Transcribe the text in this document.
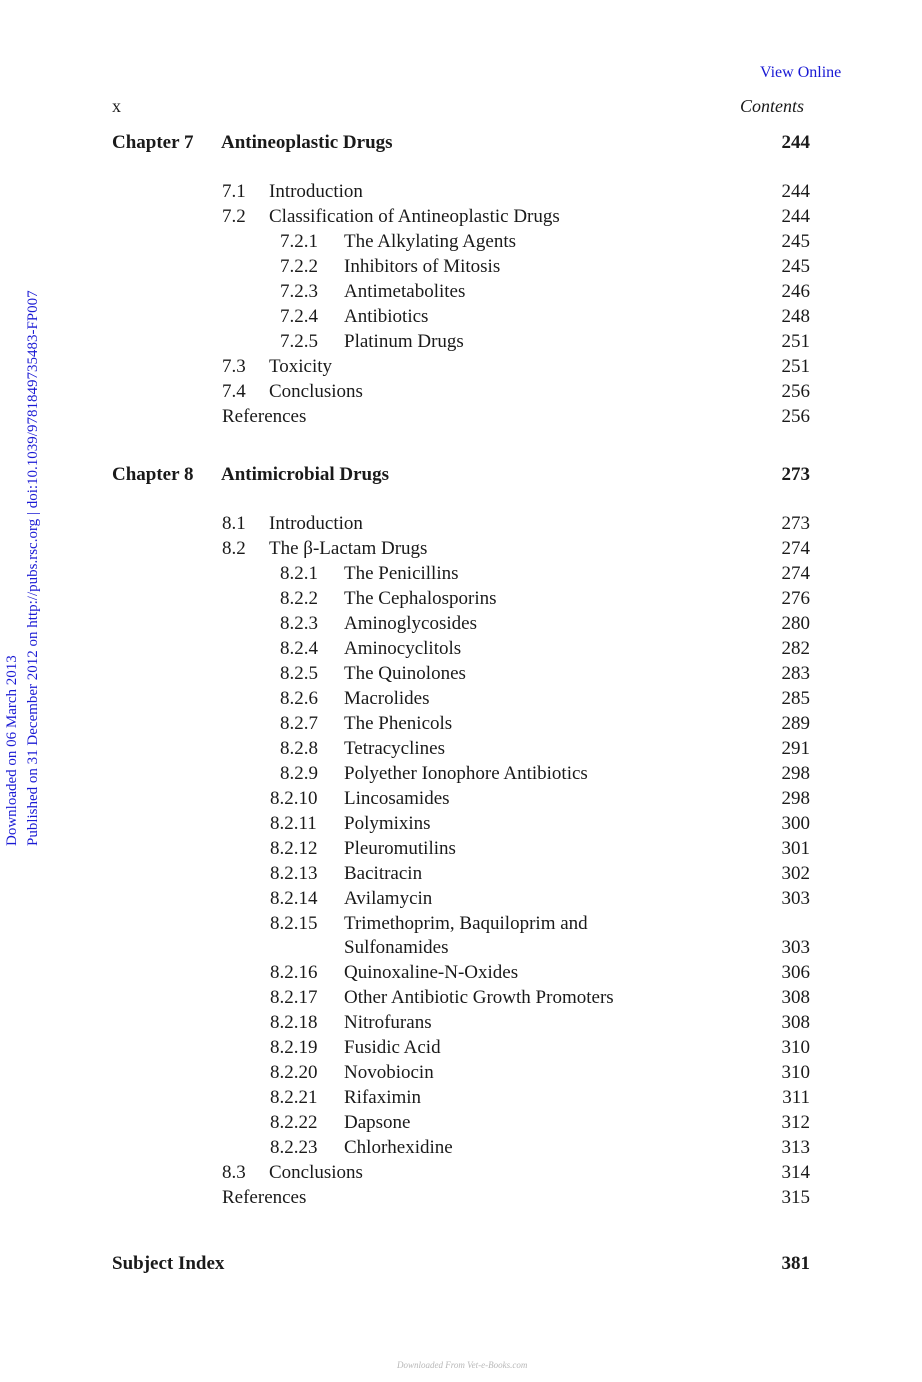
View Online
x	Contents
Downloaded on 06 March 2013 Published on 31 December 2012 on http://pubs.rsc.org | doi:10.1039/9781849735483-FP007
Chapter 7 Antineoplastic Drugs	244
7.1 Introduction	244
7.2 Classification of Antineoplastic Drugs	244
7.2.1 The Alkylating Agents	245
7.2.2 Inhibitors of Mitosis	245
7.2.3 Antimetabolites	246
7.2.4 Antibiotics	248
7.2.5 Platinum Drugs	251
7.3 Toxicity	251
7.4 Conclusions	256
References	256
Chapter 8 Antimicrobial Drugs	273
8.1 Introduction	273
8.2 The β-Lactam Drugs	274
8.2.1 The Penicillins	274
8.2.2 The Cephalosporins	276
8.2.3 Aminoglycosides	280
8.2.4 Aminocyclitols	282
8.2.5 The Quinolones	283
8.2.6 Macrolides	285
8.2.7 The Phenicols	289
8.2.8 Tetracyclines	291
8.2.9 Polyether Ionophore Antibiotics	298
8.2.10 Lincosamides	298
8.2.11 Polymixins	300
8.2.12 Pleuromutilins	301
8.2.13 Bacitracin	302
8.2.14 Avilamycin	303
8.2.15 Trimethoprim, Baquiloprim and
Sulfonamides	303
8.2.16 Quinoxaline-N-Oxides	306
8.2.17 Other Antibiotic Growth Promoters	308
8.2.18 Nitrofurans	308
8.2.19 Fusidic Acid	310
8.2.20 Novobiocin	310
8.2.21 Rifaximin	311
8.2.22 Dapsone	312
8.2.23 Chlorhexidine	313
8.3 Conclusions	314
References	315
Subject Index	381
Downloaded From Vet-e-Books.com
